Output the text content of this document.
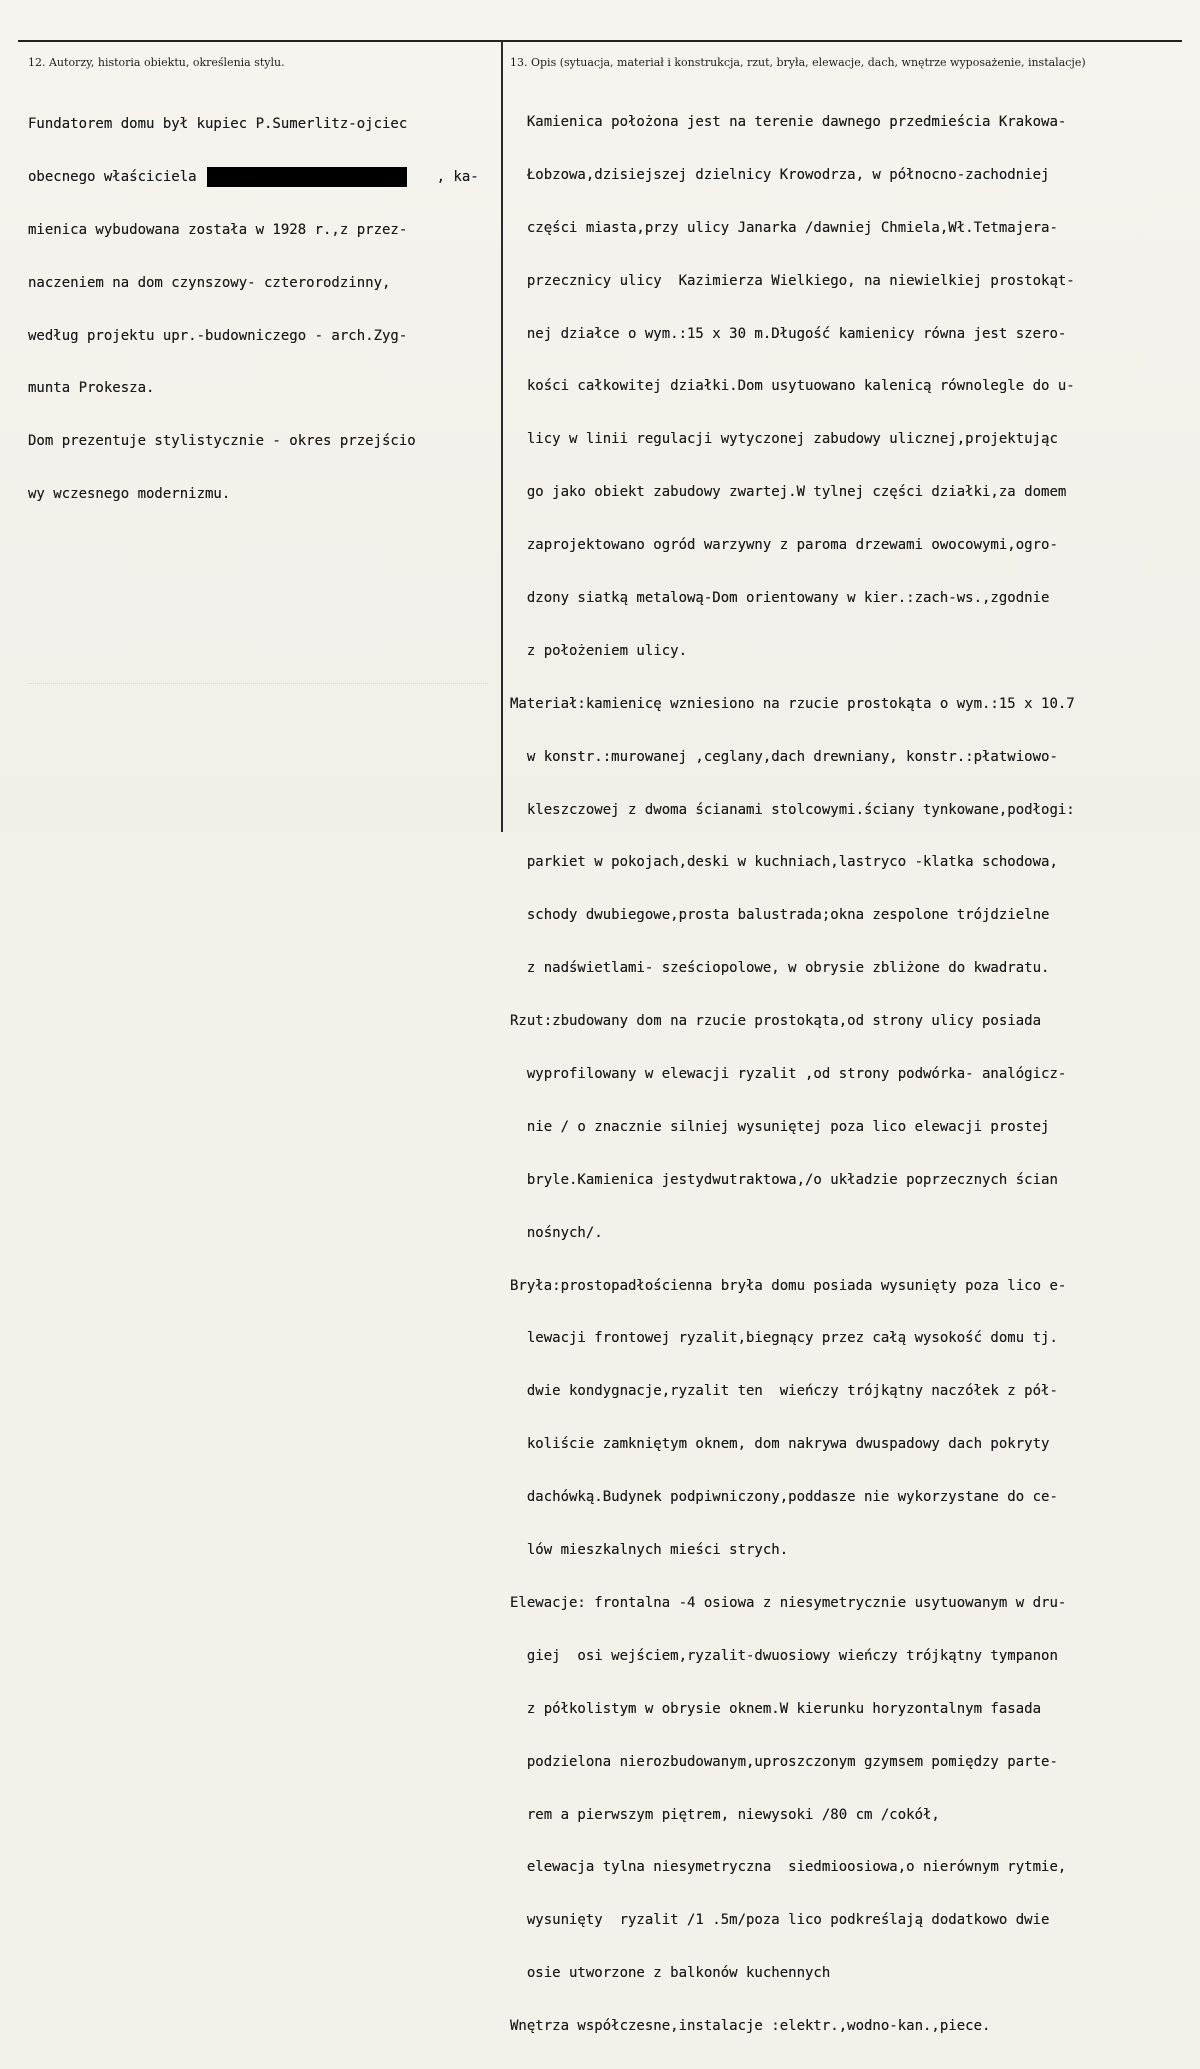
12. Autorzy, historia obiektu, określenia stylu.	13. Opis (sytuacja, materiał i konstrukcja, rzut, bryła, elewacje, dach, wnętrze wyposażenie, instalacje)

Fundatorem domu był kupiec P.Sumerlitz-ojciec

obecnego właściciela	, ka-

mienica wybudowana została w 1928 r.,z przez-

naczeniem na dom czynszowy- czterorodzinny,

według projektu upr.-budowniczego - arch.Zyg-

munta Prokesza.

Dom prezentuje stylistycznie - okres przejścio

wy wczesnego modernizmu.

Kamienica położona jest na terenie dawnego przedmieścia Krakowa-

Łobzowa,dzisiejszej dzielnicy Krowodrza, w północno-zachodniej

części miasta,przy ulicy Janarka /dawniej Chmiela,Wł.Tetmajera-

przecznicy ulicy  Kazimierza Wielkiego, na niewielkiej prostokąt-

nej działce o wym.:15 x 30 m.Długość kamienicy równa jest szero-

kości całkowitej działki.Dom usytuowano kalenicą równolegle do u-

licy w linii regulacji wytyczonej zabudowy ulicznej,projektując

go jako obiekt zabudowy zwartej.W tylnej części działki,za domem

zaprojektowano ogród warzywny z paroma drzewami owocowymi,ogro-

dzony siatką metalową-Dom orientowany w kier.:zach-ws.,zgodnie

z położeniem ulicy.

Materiał:kamienicę wzniesiono na rzucie prostokąta o wym.:15 x 10.7

w konstr.:murowanej ,ceglany,dach drewniany, konstr.:płatwiowo-

kleszczowej z dwoma ścianami stolcowymi.ściany tynkowane,podłogi:

parkiet w pokojach,deski w kuchniach,lastryco -klatka schodowa,

schody dwubiegowe,prosta balustrada;okna zespolone trójdzielne

z nadświetlami- sześciopolowe, w obrysie zbliżone do kwadratu.

Rzut:zbudowany dom na rzucie prostokąta,od strony ulicy posiada

wyprofilowany w elewacji ryzalit ,od strony podwórka- analógicz-

nie / o znacznie silniej wysuniętej poza lico elewacji prostej

bryle.Kamienica jestydwutraktowa,/o układzie poprzecznych ścian

nośnych/.

Bryła:prostopadłościenna bryła domu posiada wysunięty poza lico e-

lewacji frontowej ryzalit,biegnący przez całą wysokość domu tj.

dwie kondygnacje,ryzalit ten  wieńczy trójkątny naczółek z pół-

koliście zamkniętym oknem, dom nakrywa dwuspadowy dach pokryty

dachówką.Budynek podpiwniczony,poddasze nie wykorzystane do ce-

lów mieszkalnych mieści strych.

Elewacje: frontalna -4 osiowa z niesymetrycznie usytuowanym w dru-

giej  osi wejściem,ryzalit-dwuosiowy wieńczy trójkątny tympanon

z półkolistym w obrysie oknem.W kierunku horyzontalnym fasada

podzielona nierozbudowanym,uproszczonym gzymsem pomiędzy parte-

rem a pierwszym piętrem, niewysoki /80 cm /cokół,

elewacja tylna niesymetryczna  siedmioosiowa,o nierównym rytmie,

wysunięty  ryzalit /1 .5m/poza lico podkreślają dodatkowo dwie

osie utworzone z balkonów kuchennych

Wnętrza współczesne,instalacje :elektr.,wodno-kan.,piece.
